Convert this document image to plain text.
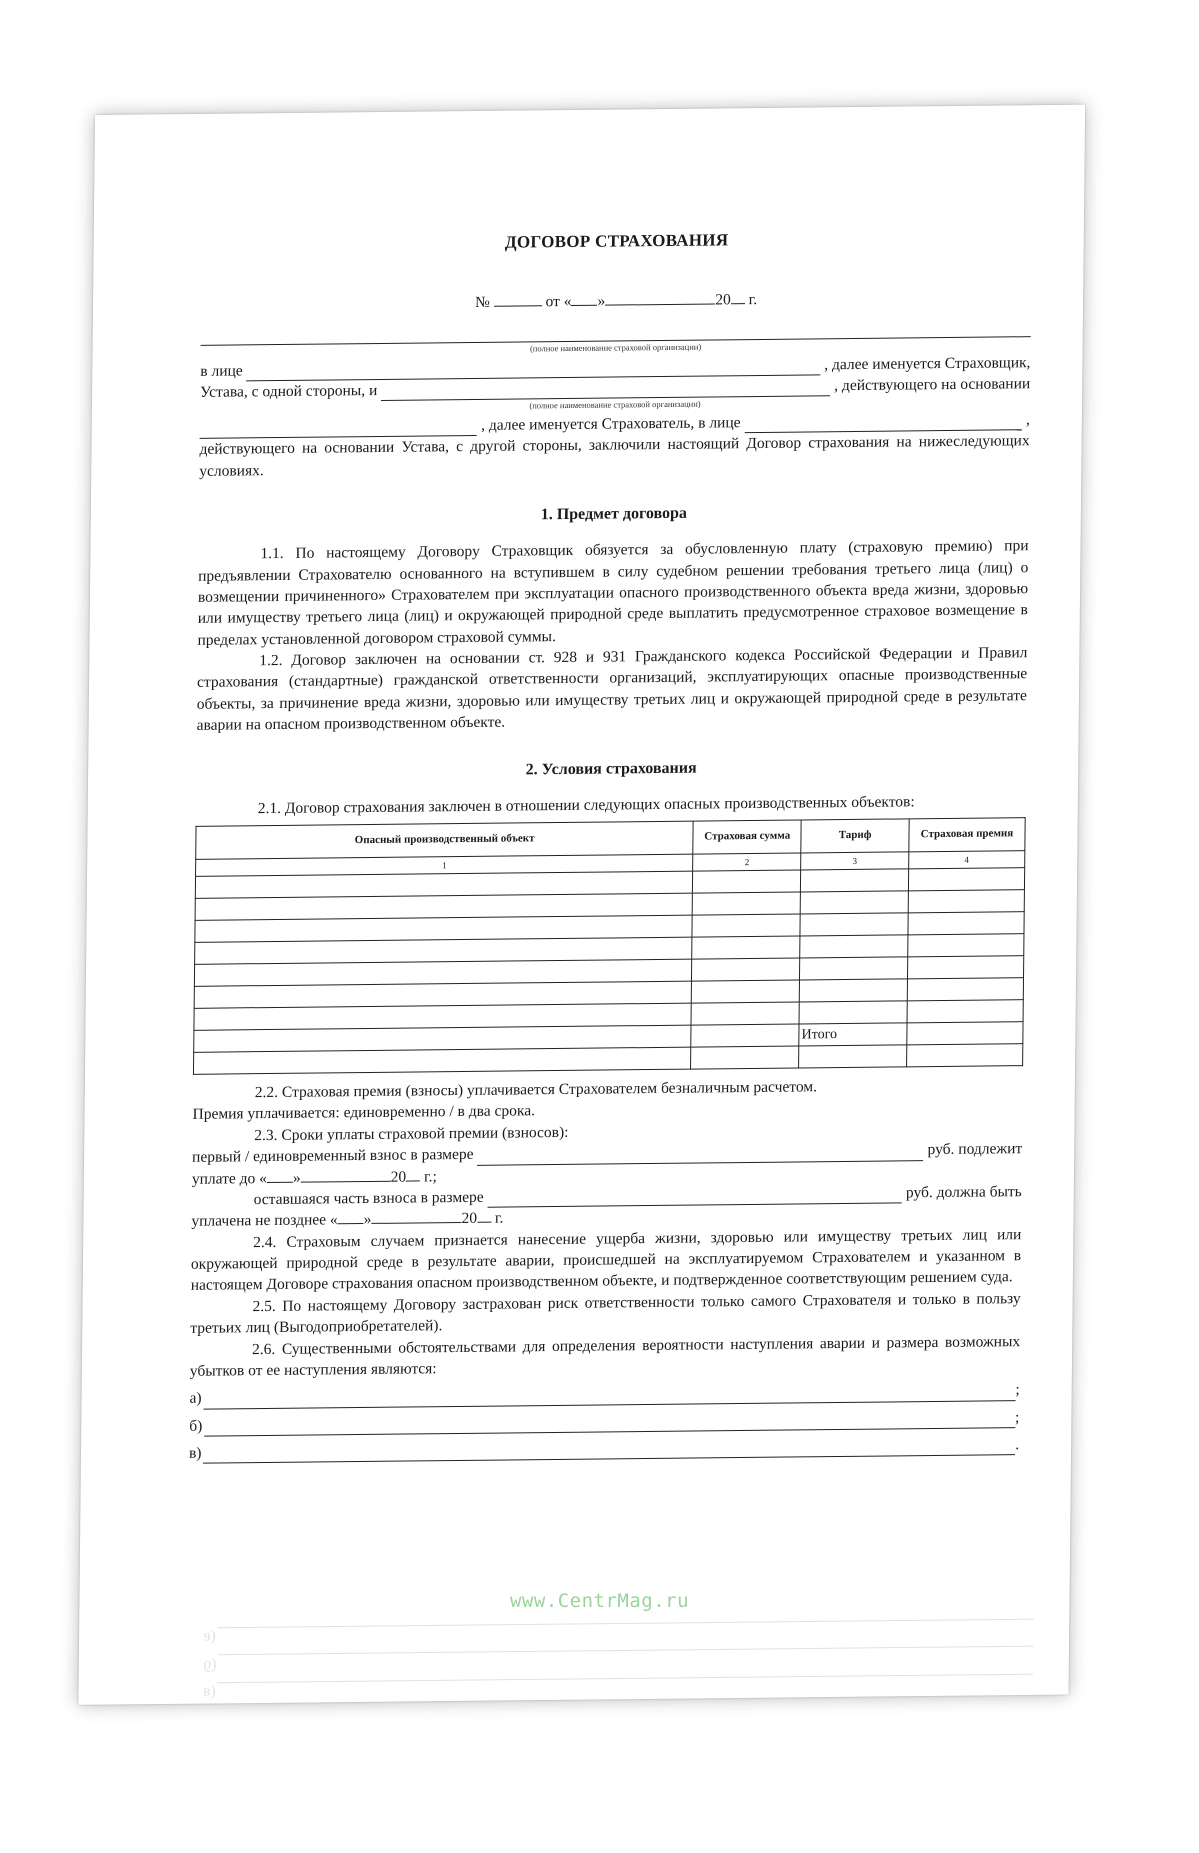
ДОГОВОР СТРАХОВАНИЯ
№	от « »	20 г.
(полное наименование страховой организации)
в лице	, далее именуется Страховщик,
Устава, с одной стороны, и	, действующего на основании
(полное наименование страховой организации)
, далее именуется Страхователь, в лице	,
действующего на основании Устава, с другой стороны, заключили настоящий Договор страхования на нижеследующих условиях.
1. Предмет договора
1.1. По настоящему Договору Страховщик обязуется за обусловленную плату (страховую премию) при предъявлении Страхователю основанного на вступившем в силу судебном решении требования третьего лица (лиц) о возмещении причиненного» Страхователем при эксплуатации опасного производственного объекта вреда жизни, здоровью или имуществу третьего лица (лиц) и окружающей природной среде выплатить предусмотренное страховое возмещение в пределах установленной договором страховой суммы.
1.2. Договор заключен на основании ст. 928 и 931 Гражданского кодекса Российской Федерации и Правил страхования (стандартные) гражданской ответственности организаций, эксплуатирующих опасные производственные объекты, за причинение вреда жизни, здоровью или имуществу третьих лиц и окружающей природной среде в результате аварии на опасном производственном объекте.
2. Условия страхования
2.1. Договор страхования заключен в отношении следующих опасных производственных объектов:
Опасный производственный объект	Страховая сумма	Тариф	Страховая премия
1	2	3	4

		Итого	

2.2. Страховая премия (взносы) уплачивается Страхователем безналичным расчетом.
Премия уплачивается: единовременно / в два срока.
2.3. Сроки уплаты страховой премии (взносов):
первый / единовременный взнос в размере	руб. подлежит
уплате до « »	20 г.;
оставшаяся часть взноса в размере	руб. должна быть
уплачена не позднее « »	20 г.
2.4. Страховым случаем признается нанесение ущерба жизни, здоровью или имуществу третьих лиц или окружающей природной среде в результате аварии, происшедшей на эксплуатируемом Страхователем и указанном в настоящем Договоре страхования опасном производственном объекте, и подтвержденное соответствующим решением суда.
2.5. По настоящему Договору застрахован риск ответственности только самого Страхователя и только в пользу третьих лиц (Выгодоприобретателей).
2.6. Существенными обстоятельствами для определения вероятности наступления аварии и размера возможных убытков от ее наступления являются:
а)
;
б)
;
в)
.
www.CentrMag.ru
в)
б)
а)
